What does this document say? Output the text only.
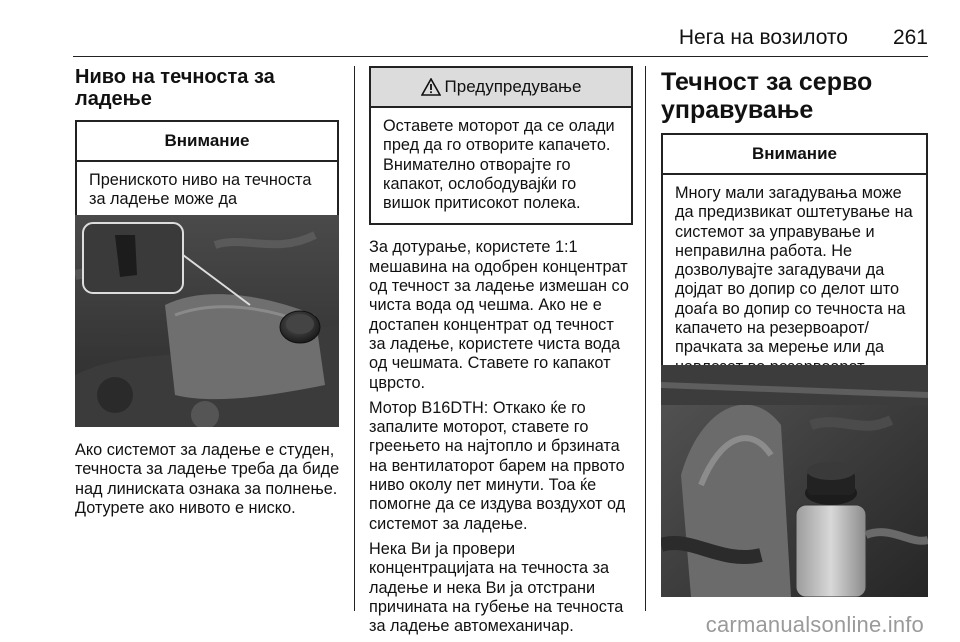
Нега на возилото 261
Ниво на течноста за ладење
Внимание
Прениското ниво на течноста за ладење може да
Ако системот за ладење е студен, течноста за ладење треба да биде над линискaта ознака за полнење. Дотурете ако нивото е ниско.
Предупредување
Оставете моторот да се олади пред да го отворите капачето. Внимателно отворајте го капакот, ослободувајќи го вишок притисокот полека.

За дотурање, користете 1:1 мешавина на одобрен концентрат од течност за ладење измешан со чиста вода од чешма. Ако не е достапен концентрат од течност за ладење, користете чиста вода од чешмата. Ставете го капакот цврсто.

Мотор B16DTH: Откако ќе го запалите моторот, ставете го греењето на најтопло и брзината на вентилаторот барем на првото ниво околу пет минути. Тоа ќе помогне да се издува воздухот од системот за ладење.

Нека Ви ја провери концентрацијата на течноста за ладење и нека Ви ја отстрани причината на губење на течноста за ладење автомеханичар.

Течност за серво управување
Внимание
Многу мали загадувања може да предизвикат оштетување на системот за управување и неправилна работа. Не дозволувајте загадувачи да дојдат во допир со делот што доаѓа во допир со течноста на капачето на резервоарот/ прачката за мерење или да
carmanualsonline.info
